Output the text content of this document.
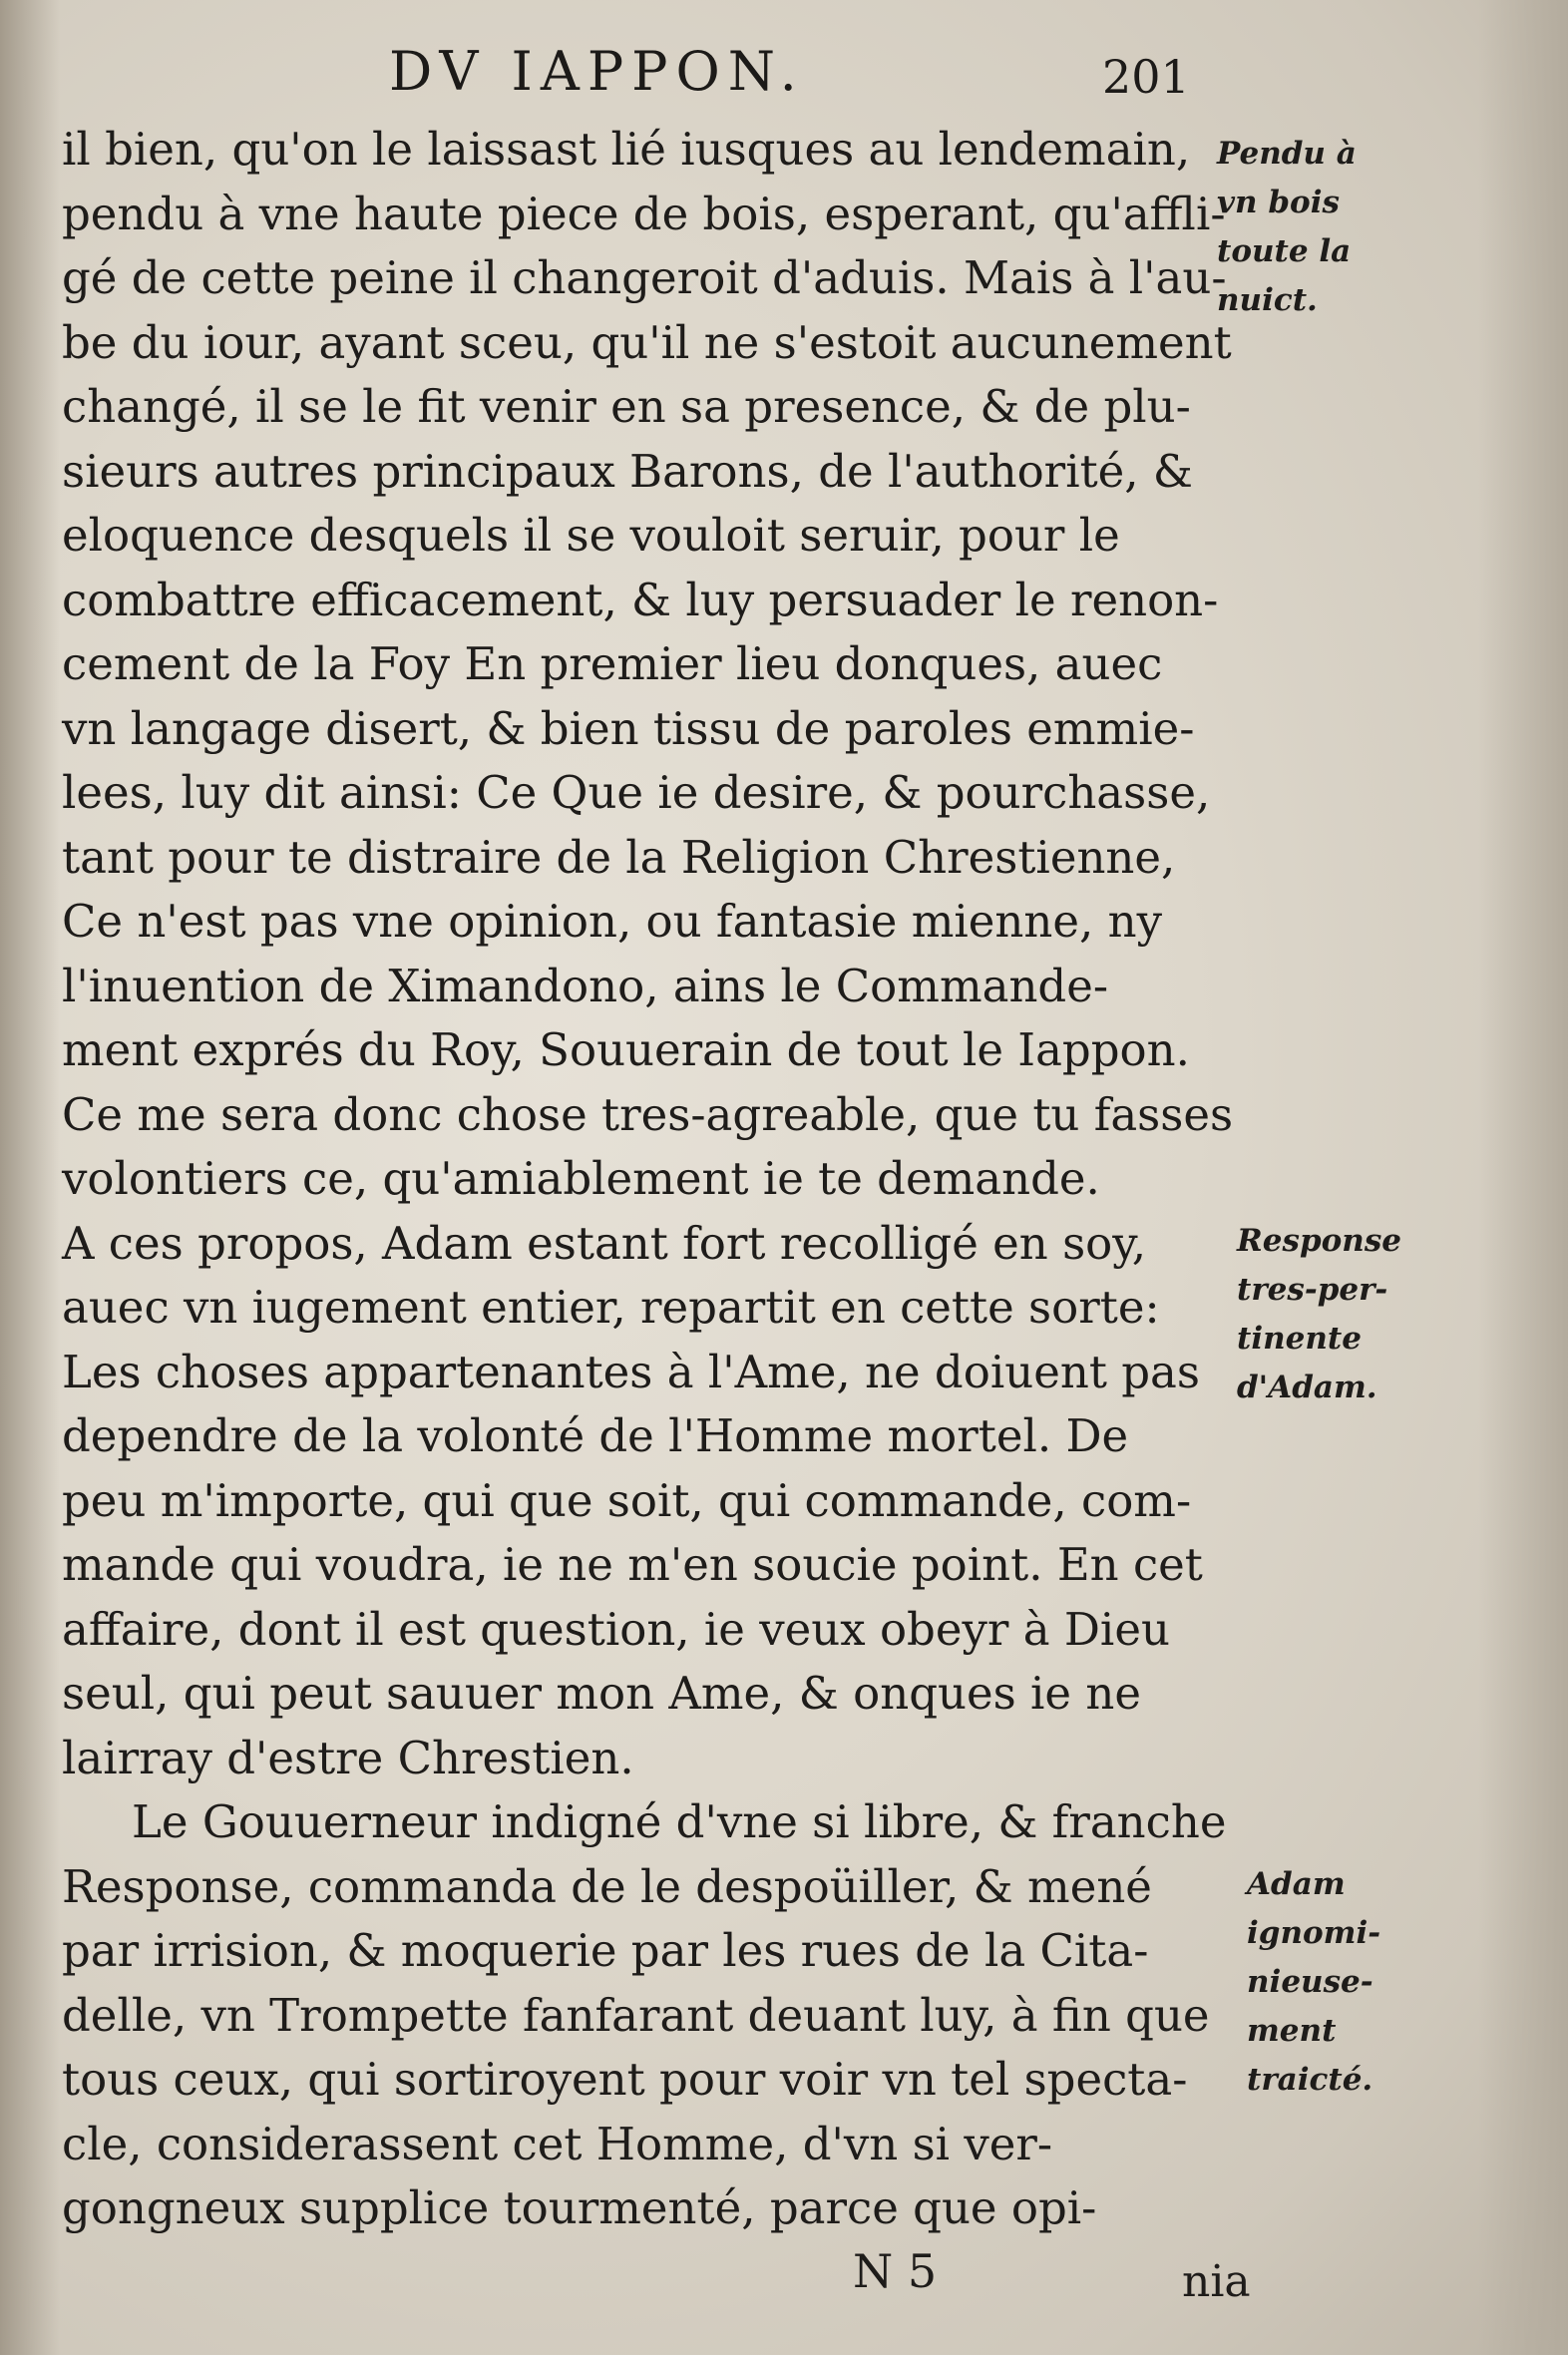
DV IAPPON.	201
il bien, qu'on le laissast lié iusques au lendemain,
pendu à vne haute piece de bois, esperant, qu'affli-
gé de cette peine il changeroit d'aduis. Mais à l'au-
be du iour, ayant sceu, qu'il ne s'estoit aucunement
changé, il se le fit venir en sa presence, & de plu-
sieurs autres principaux Barons, de l'authorité, &
eloquence desquels il se vouloit seruir, pour le
combattre efficacement, & luy persuader le renon-
cement de la Foy En premier lieu donques, auec
vn langage disert, & bien tissu de paroles emmie-
lees, luy dit ainsi: Ce Que ie desire, & pourchasse,
tant pour te distraire de la Religion Chrestienne,
Ce n'est pas vne opinion, ou fantasie mienne, ny
l'inuention de Ximandono, ains le Commande-
ment exprés du Roy, Souuerain de tout le Iappon.
Ce me sera donc chose tres-agreable, que tu fasses
volontiers ce, qu'amiablement ie te demande.
A ces propos, Adam estant fort recolligé en soy,
auec vn iugement entier, repartit en cette sorte:
Les choses appartenantes à l'Ame, ne doiuent pas
dependre de la volonté de l'Homme mortel. De
peu m'importe, qui que soit, qui commande, com-
mande qui voudra, ie ne m'en soucie point. En cet
affaire, dont il est question, ie veux obeyr à Dieu
seul, qui peut sauuer mon Ame, & onques ie ne
lairray d'estre Chrestien.
Le Gouuerneur indigné d'vne si libre, & franche
Response, commanda de le despoüiller, & mené
par irrision, & moquerie par les rues de la Cita-
delle, vn Trompette fanfarant deuant luy, à fin que
tous ceux, qui sortiroyent pour voir vn tel specta-
cle, considerassent cet Homme, d'vn si ver-
gongneux supplice tourmenté, parce que opi-
Pendu à
vn bois
toute la
nuict.
Response
tres-per-
tinente
d'Adam.
Adam
ignomi-
nieuse-
ment
traicté.
N 5	nia
